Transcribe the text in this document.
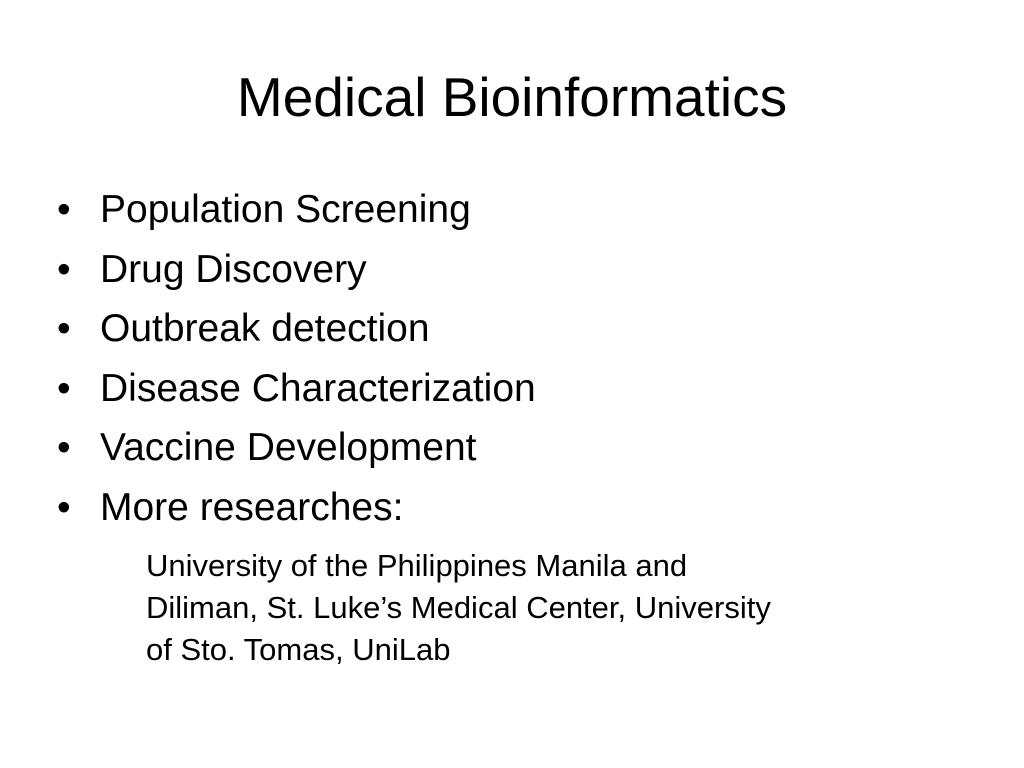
Medical Bioinformatics
• Population Screening
• Drug Discovery
• Outbreak detection
• Disease Characterization
• Vaccine Development
• More researches:
University of the Philippines Manila and
Diliman, St. Luke’s Medical Center, University
of Sto. Tomas, UniLab
